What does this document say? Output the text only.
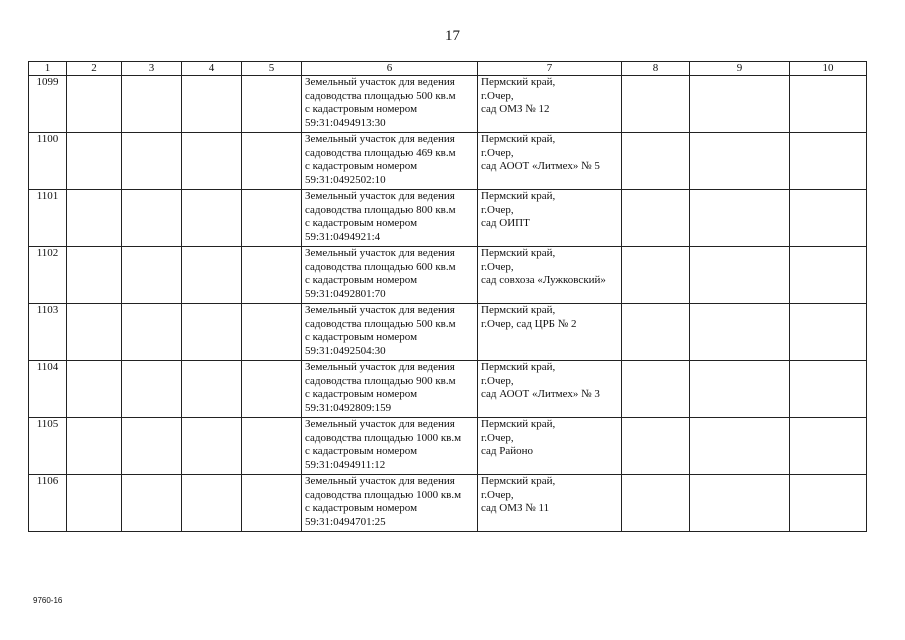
17
1	2	3	4	5	6	7	8	9	10
1099					Земельный участок для ведения
садоводства площадью 500 кв.м
с кадастровым номером
59:31:0494913:30	Пермский край,
г.Очер,
сад ОМЗ № 12			
1100					Земельный участок для ведения
садоводства площадью 469 кв.м
с кадастровым номером
59:31:0492502:10	Пермский край,
г.Очер,
сад АООТ «Литмех» № 5			
1101					Земельный участок для ведения
садоводства площадью 800 кв.м
с кадастровым номером
59:31:0494921:4	Пермский край,
г.Очер,
сад ОИПТ			
1102					Земельный участок для ведения
садоводства площадью 600 кв.м
с кадастровым номером
59:31:0492801:70	Пермский край,
г.Очер,
сад совхоза «Лужковский»			
1103					Земельный участок для ведения
садоводства площадью 500 кв.м
с кадастровым номером
59:31:0492504:30	Пермский край,
г.Очер, сад ЦРБ № 2			
1104					Земельный участок для ведения
садоводства площадью 900 кв.м
с кадастровым номером
59:31:0492809:159	Пермский край,
г.Очер,
сад АООТ «Литмех» № 3			
1105					Земельный участок для ведения
садоводства площадью 1000 кв.м
с кадастровым номером
59:31:0494911:12	Пермский край,
г.Очер,
сад Районо			
1106					Земельный участок для ведения
садоводства площадью 1000 кв.м
с кадастровым номером
59:31:0494701:25	Пермский край,
г.Очер,
сад ОМЗ № 11			
9760-16
